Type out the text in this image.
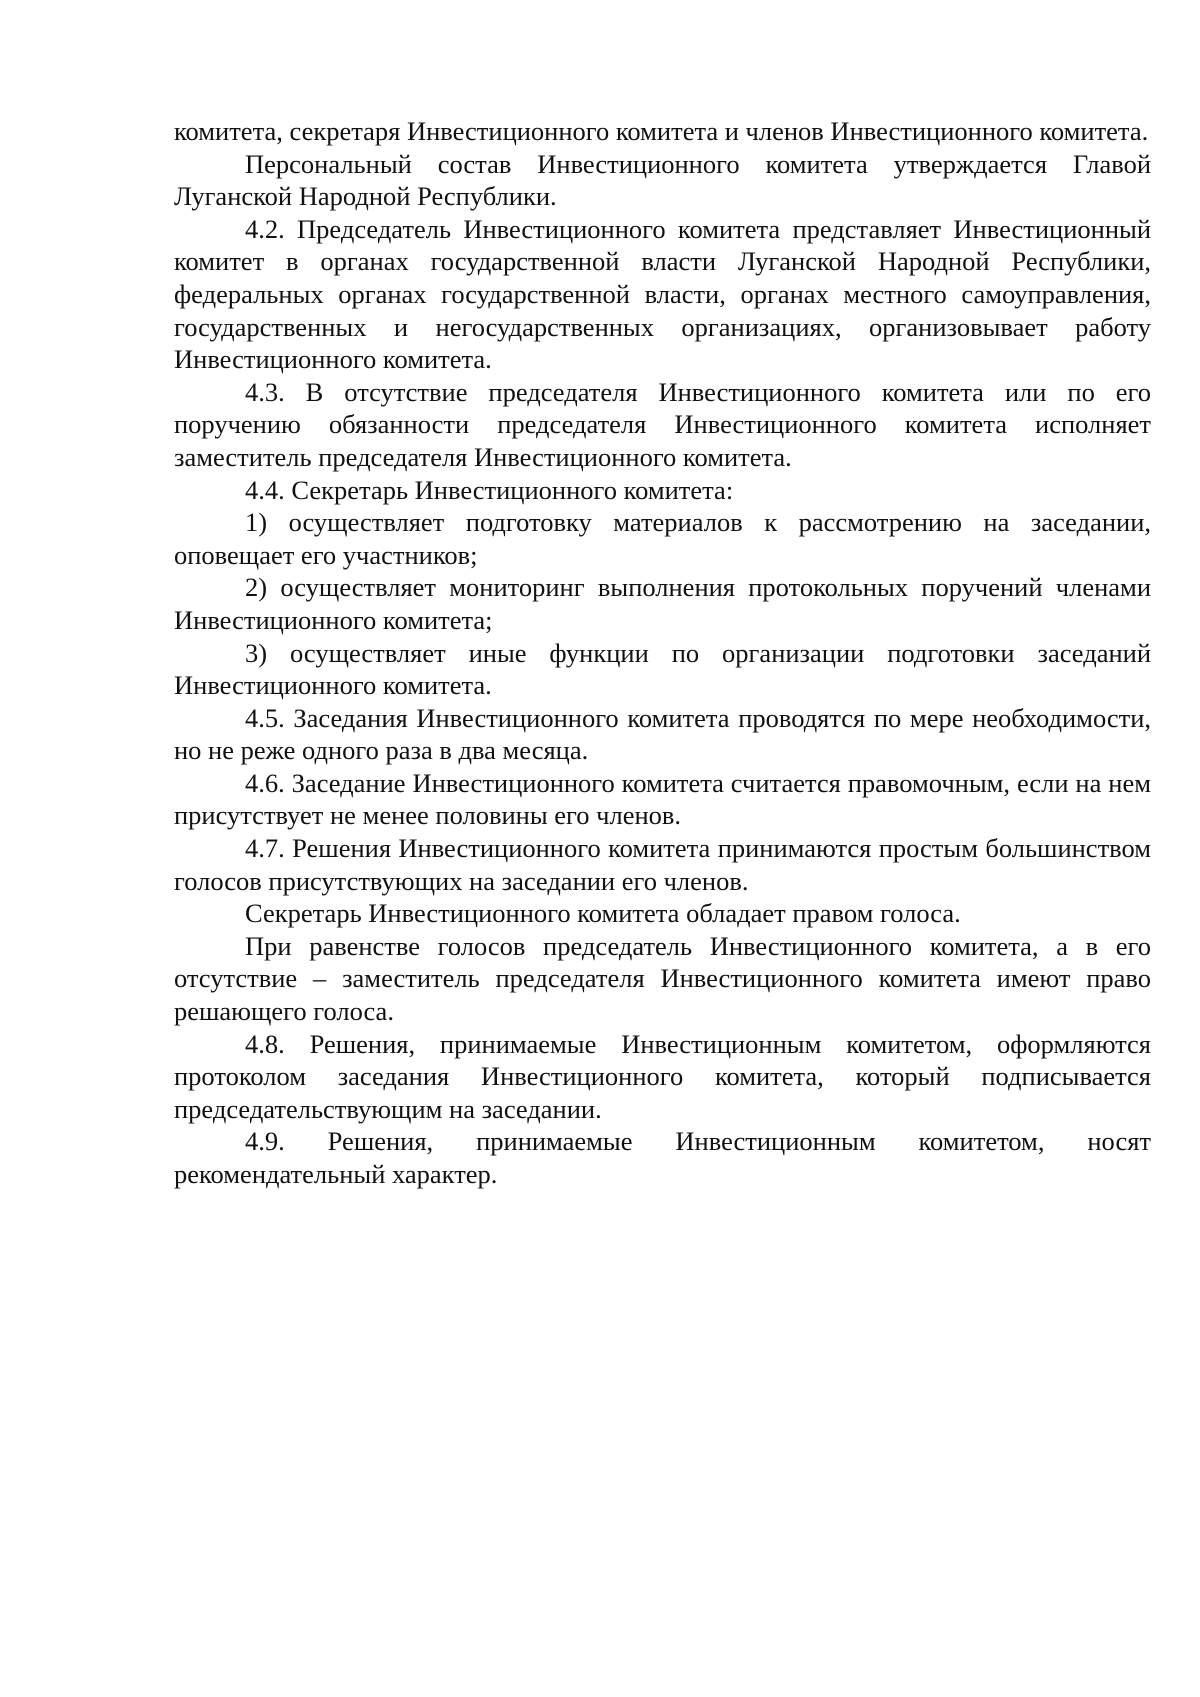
комитета, секретаря Инвестиционного комитета и членов Инвестиционного комитета.

Персональный состав Инвестиционного комитета утверждается Главой Луганской Народной Республики.

4.2. Председатель Инвестиционного комитета представляет Инвестиционный комитет в органах государственной власти Луганской Народной Республики, федеральных органах государственной власти, органах местного самоуправления, государственных и негосударственных организациях, организовывает работу Инвестиционного комитета.

4.3. В отсутствие председателя Инвестиционного комитета или по его поручению обязанности председателя Инвестиционного комитета исполняет заместитель председателя Инвестиционного комитета.

4.4. Секретарь Инвестиционного комитета:

1) осуществляет подготовку материалов к рассмотрению на заседании, оповещает его участников;

2) осуществляет мониторинг выполнения протокольных поручений членами Инвестиционного комитета;

3) осуществляет иные функции по организации подготовки заседаний Инвестиционного комитета.

4.5. Заседания Инвестиционного комитета проводятся по мере необходимости, но не реже одного раза в два месяца.

4.6. Заседание Инвестиционного комитета считается правомочным, если на нем присутствует не менее половины его членов.

4.7. Решения Инвестиционного комитета принимаются простым большинством голосов присутствующих на заседании его членов.

Секретарь Инвестиционного комитета обладает правом голоса.

При равенстве голосов председатель Инвестиционного комитета, а в его отсутствие – заместитель председателя Инвестиционного комитета имеют право решающего голоса.

4.8. Решения, принимаемые Инвестиционным комитетом, оформляются протоколом заседания Инвестиционного комитета, который подписывается председательствующим на заседании.

4.9. Решения, принимаемые Инвестиционным комитетом, носят рекомендательный характер.
